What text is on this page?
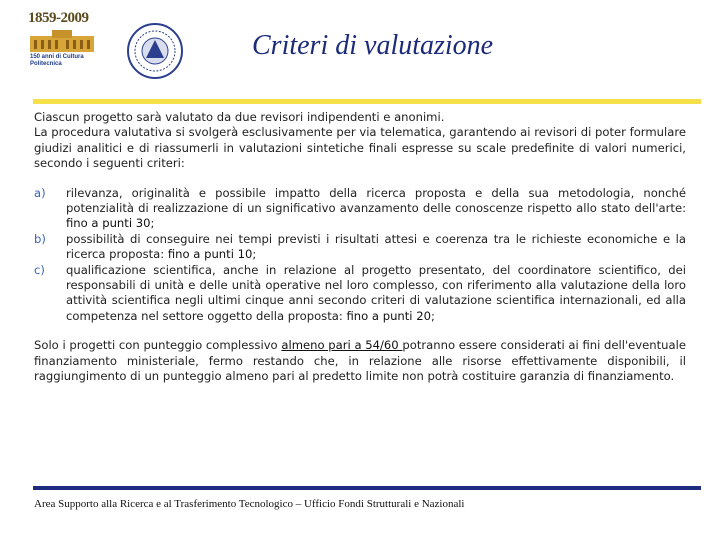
1859-2009
150 anni di Cultura
Politecnica
Criteri di valutazione

Ciascun progetto sarà valutato da due revisori indipendenti e anonimi.

La procedura valutativa si svolgerà esclusivamente per via telematica, garantendo ai revisori di poter formulare giudizi analitici e di riassumerli in valutazioni sintetiche finali espresse su scale predefinite di valori numerici, secondo i seguenti criteri:

a) rilevanza, originalità e possibile impatto della ricerca proposta e della sua metodologia, nonché potenzialità di realizzazione di un significativo avanzamento delle conoscenze rispetto allo stato dell'arte: fino a punti 30;
b) possibilità di conseguire nei tempi previsti i risultati attesi e coerenza tra le richieste economiche e la ricerca proposta: fino a punti 10;
c) qualificazione scientifica, anche in relazione al progetto presentato, del coordinatore scientifico, dei responsabili di unità e delle unità operative nel loro complesso, con riferimento alla valutazione della loro attività scientifica negli ultimi cinque anni secondo criteri di valutazione scientifica internazionali, ed alla competenza nel settore oggetto della proposta: fino a punti 20;

Solo i progetti con punteggio complessivo almeno pari a 54/60 potranno essere considerati ai fini dell'eventuale finanziamento ministeriale, fermo restando che, in relazione alle risorse effettivamente disponibili, il raggiungimento di un punteggio almeno pari al predetto limite non potrà costituire garanzia di finanziamento.

Area Supporto alla Ricerca e al Trasferimento Tecnologico – Ufficio Fondi Strutturali e Nazionali
